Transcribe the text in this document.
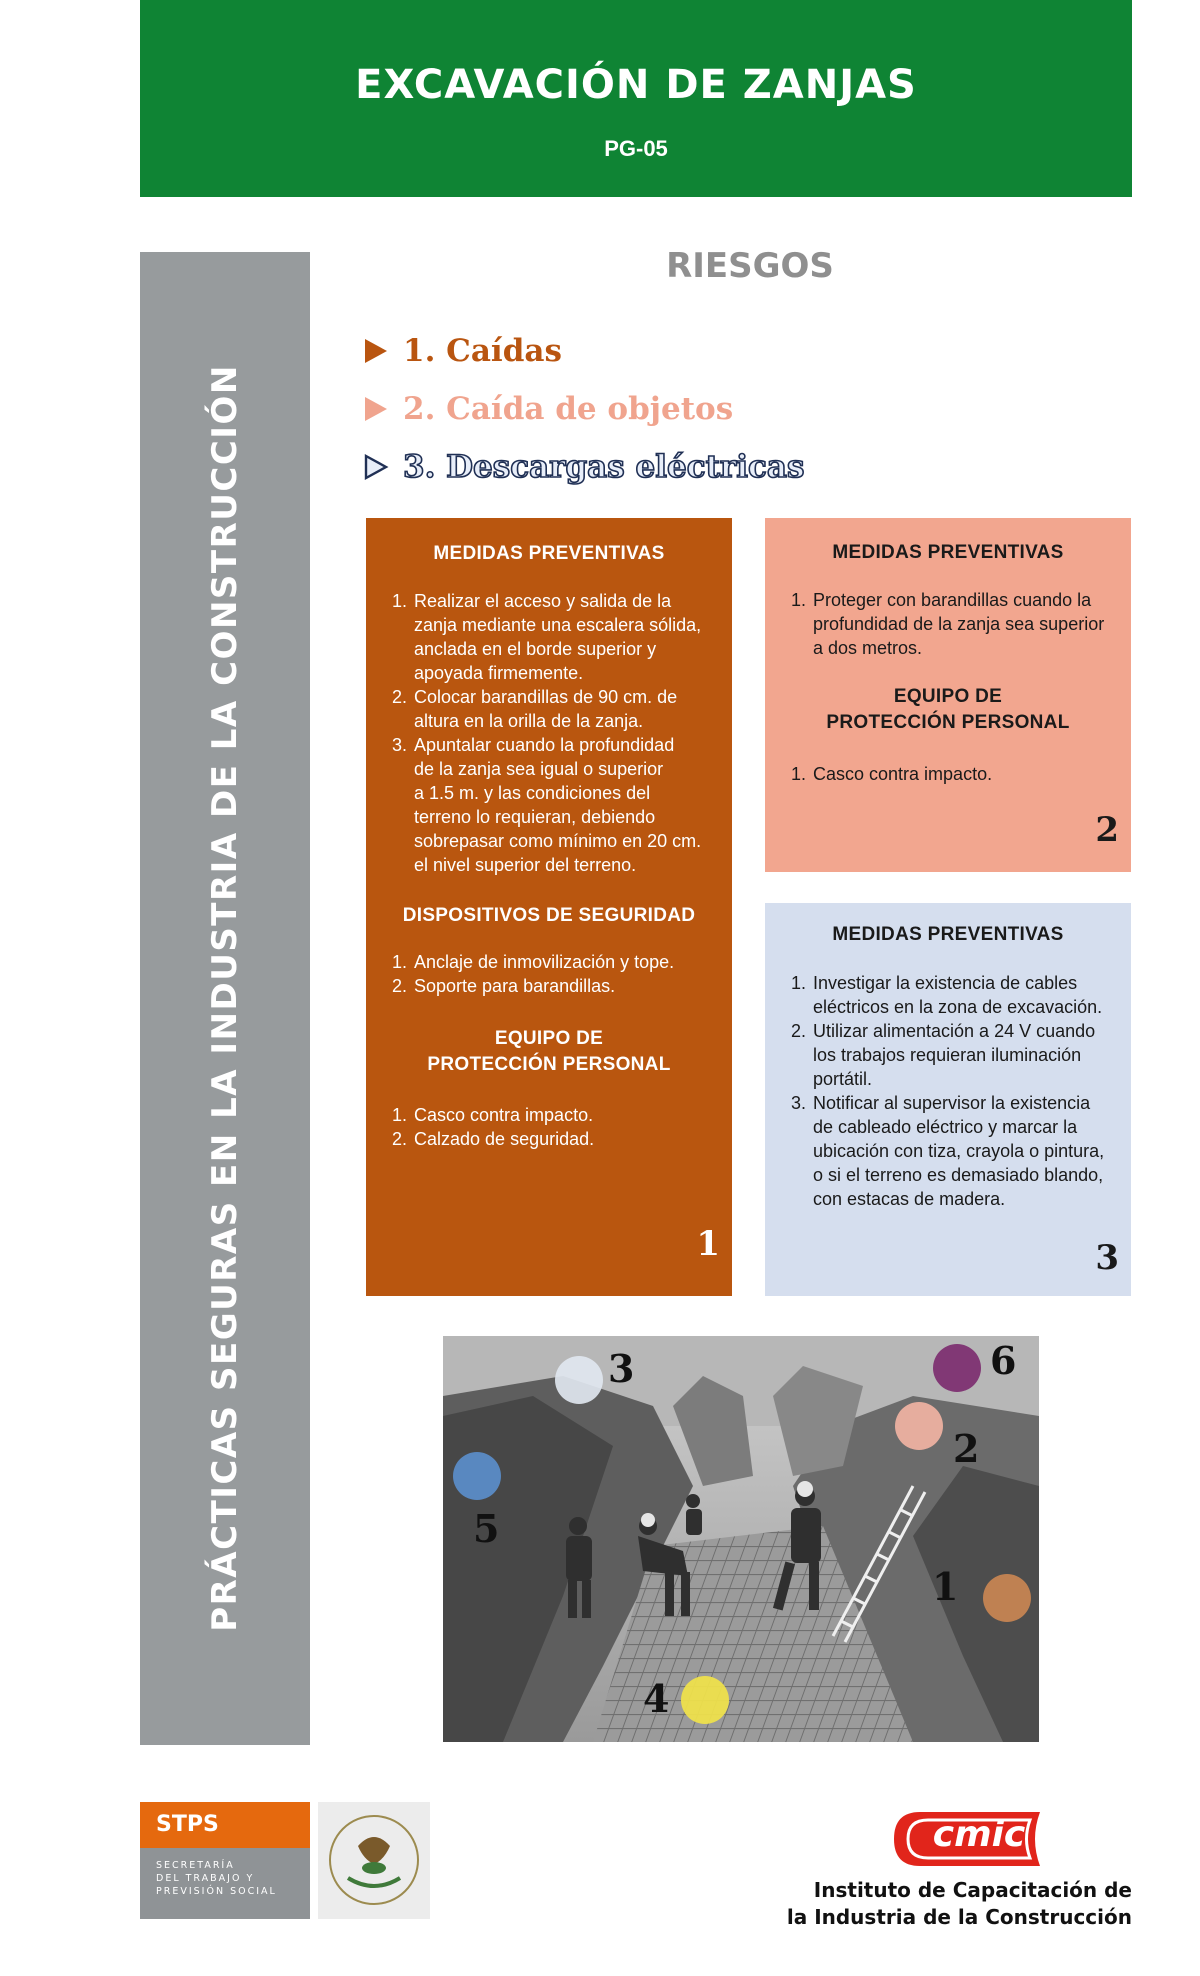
EXCAVACIÓN DE ZANJAS
PG-05
PRÁCTICAS SEGURAS EN LA INDUSTRIA DE LA CONSTRUCCIÓN
RIESGOS
1. Caídas
2. Caída de objetos
3. Descargas eléctricas
MEDIDAS PREVENTIVAS
1. Realizar el acceso y salida de la
zanja mediante una escalera sólida,
anclada en el borde superior y
apoyada firmemente.
2. Colocar barandillas de 90 cm. de
altura en la orilla de la zanja.
3. Apuntalar cuando la profundidad
de la zanja sea igual o superior
a 1.5 m. y las condiciones del
terreno lo requieran, debiendo
sobrepasar como mínimo en 20 cm.
el nivel superior del terreno.
DISPOSITIVOS DE SEGURIDAD
1. Anclaje de inmovilización y tope.
2. Soporte para barandillas.
EQUIPO DE
PROTECCIÓN PERSONAL
1. Casco contra impacto.
2. Calzado de seguridad.
1
MEDIDAS PREVENTIVAS
1. Proteger con barandillas cuando la
profundidad de la zanja sea superior
a dos metros.
EQUIPO DE
PROTECCIÓN PERSONAL
1. Casco contra impacto.
2
MEDIDAS PREVENTIVAS
1. Investigar la existencia de cables
eléctricos en la zona de excavación.
2. Utilizar alimentación a 24 V cuando
los trabajos requieran iluminación
portátil.
3. Notificar al supervisor la existencia
de cableado eléctrico y marcar la
ubicación con tiza, crayola o pintura,
o si el terreno es demasiado blando,
con estacas de madera.
3
3	6
2
5
1
4
STPS
SECRETARÍA
DEL TRABAJO Y
PREVISIÓN SOCIAL
cmic
Instituto de Capacitación de
la Industria de la Construcción
